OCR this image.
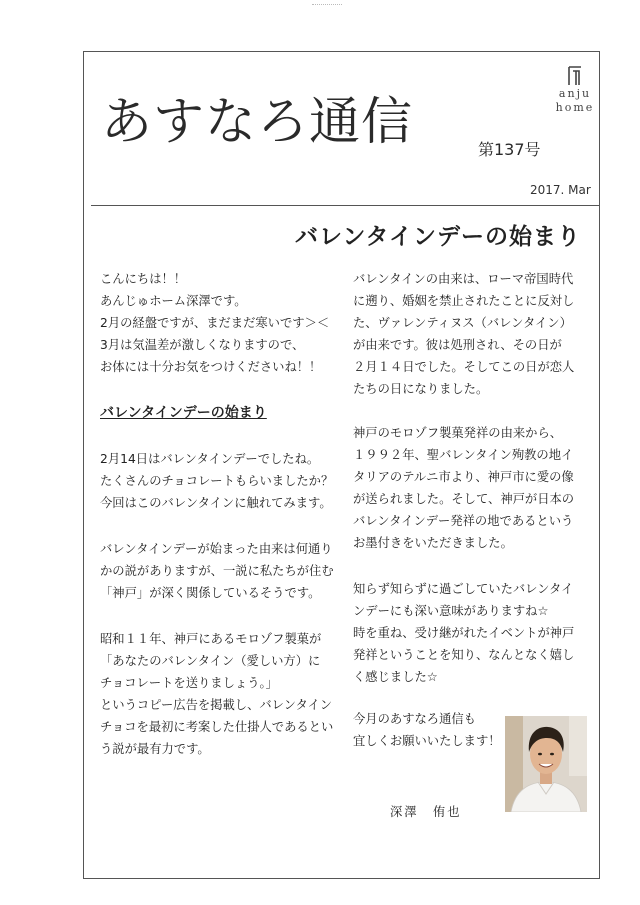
あすなろ通信	第137号
anju
home
2017. Mar
バレンタインデーの始まり

こんにちは！！

あんじゅホーム深澤です。

2月の経盤ですが、まだまだ寒いです＞＜

3月は気温差が激しくなりますので、

お体には十分お気をつけくださいね！！

バレンタインデーの始まり

2月14日はバレンタインデーでしたね。

たくさんのチョコレートもらいましたか？

今回はこのバレンタインに触れてみます。

バレンタインデーが始まった由来は何通り

かの説がありますが、一説に私たちが住む

「神戸」が深く関係しているそうです。

昭和１１年、神戸にあるモロゾフ製菓が

「あなたのバレンタイン（愛しい方）に

チョコレートを送りましょう。」

というコピー広告を掲載し、バレンタイン

チョコを最初に考案した仕掛人であるとい

う説が最有力です。

バレンタインの由来は、ローマ帝国時代

に遡り、婚姻を禁止されたことに反対し

た、ヴァレンティヌス（バレンタイン）

が由来です。彼は処刑され、その日が

２月１４日でした。そしてこの日が恋人

たちの日になりました。

神戸のモロゾフ製菓発祥の由来から、

１９９２年、聖バレンタイン殉教の地イ

タリアのテルニ市より、神戸市に愛の像

が送られました。そして、神戸が日本の

バレンタインデー発祥の地であるという

お墨付きをいただきました。

知らず知らずに過ごしていたバレンタイ

ンデーにも深い意味がありますね☆

時を重ね、受け継がれたイベントが神戸

発祥ということを知り、なんとなく嬉し

く感じました☆

今月のあすなろ通信も

宜しくお願いいたします！

深澤　侑也
